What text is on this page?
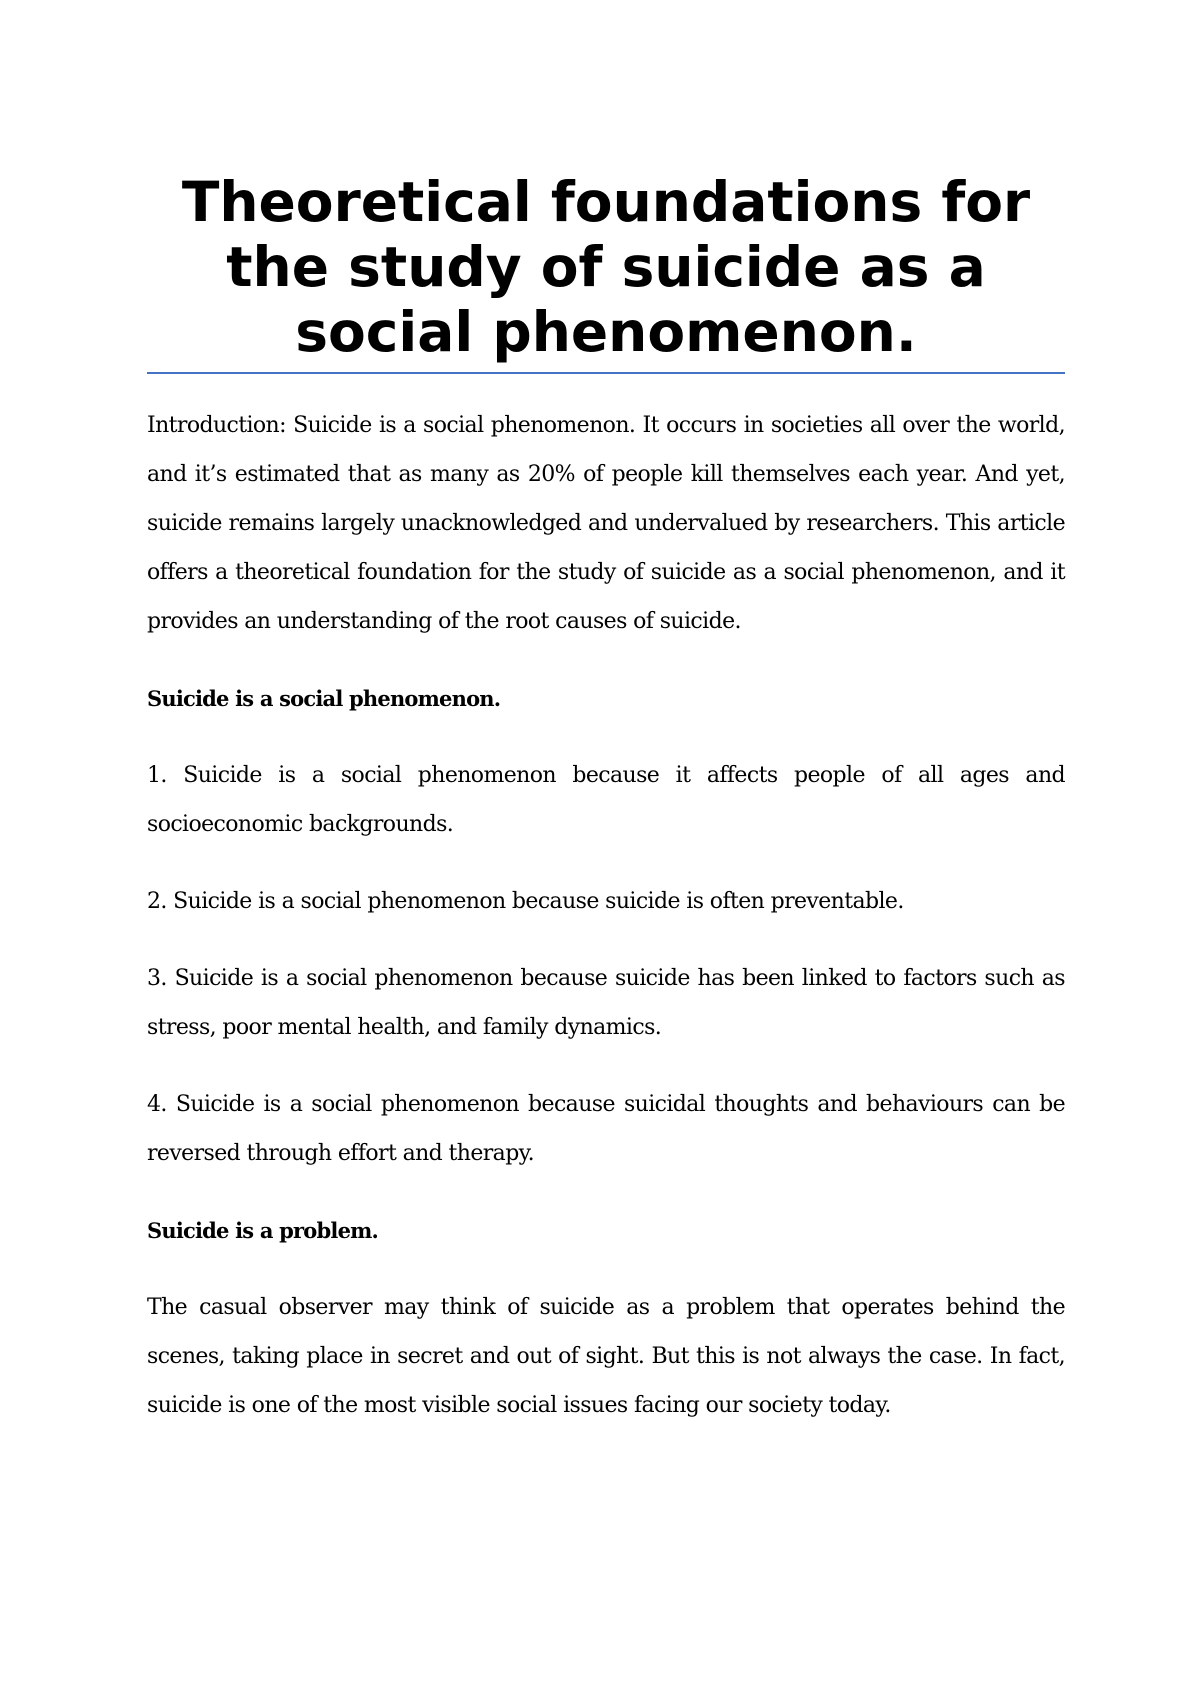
Theoretical foundations for the study of suicide as a social phenomenon.

Introduction: Suicide is a social phenomenon. It occurs in societies all over the world, and it’s estimated that as many as 20% of people kill themselves each year. And yet, suicide remains largely unacknowledged and undervalued by researchers. This article offers a theoretical foundation for the study of suicide as a social phenomenon, and it provides an understanding of the root causes of suicide.

Suicide is a social phenomenon.

1. Suicide is a social phenomenon because it affects people of all ages and socioeconomic backgrounds.

2. Suicide is a social phenomenon because suicide is often preventable.

3. Suicide is a social phenomenon because suicide has been linked to factors such as stress, poor mental health, and family dynamics.

4. Suicide is a social phenomenon because suicidal thoughts and behaviours can be reversed through effort and therapy.

Suicide is a problem.

The casual observer may think of suicide as a problem that operates behind the scenes, taking place in secret and out of sight. But this is not always the case. In fact, suicide is one of the most visible social issues facing our society today.
